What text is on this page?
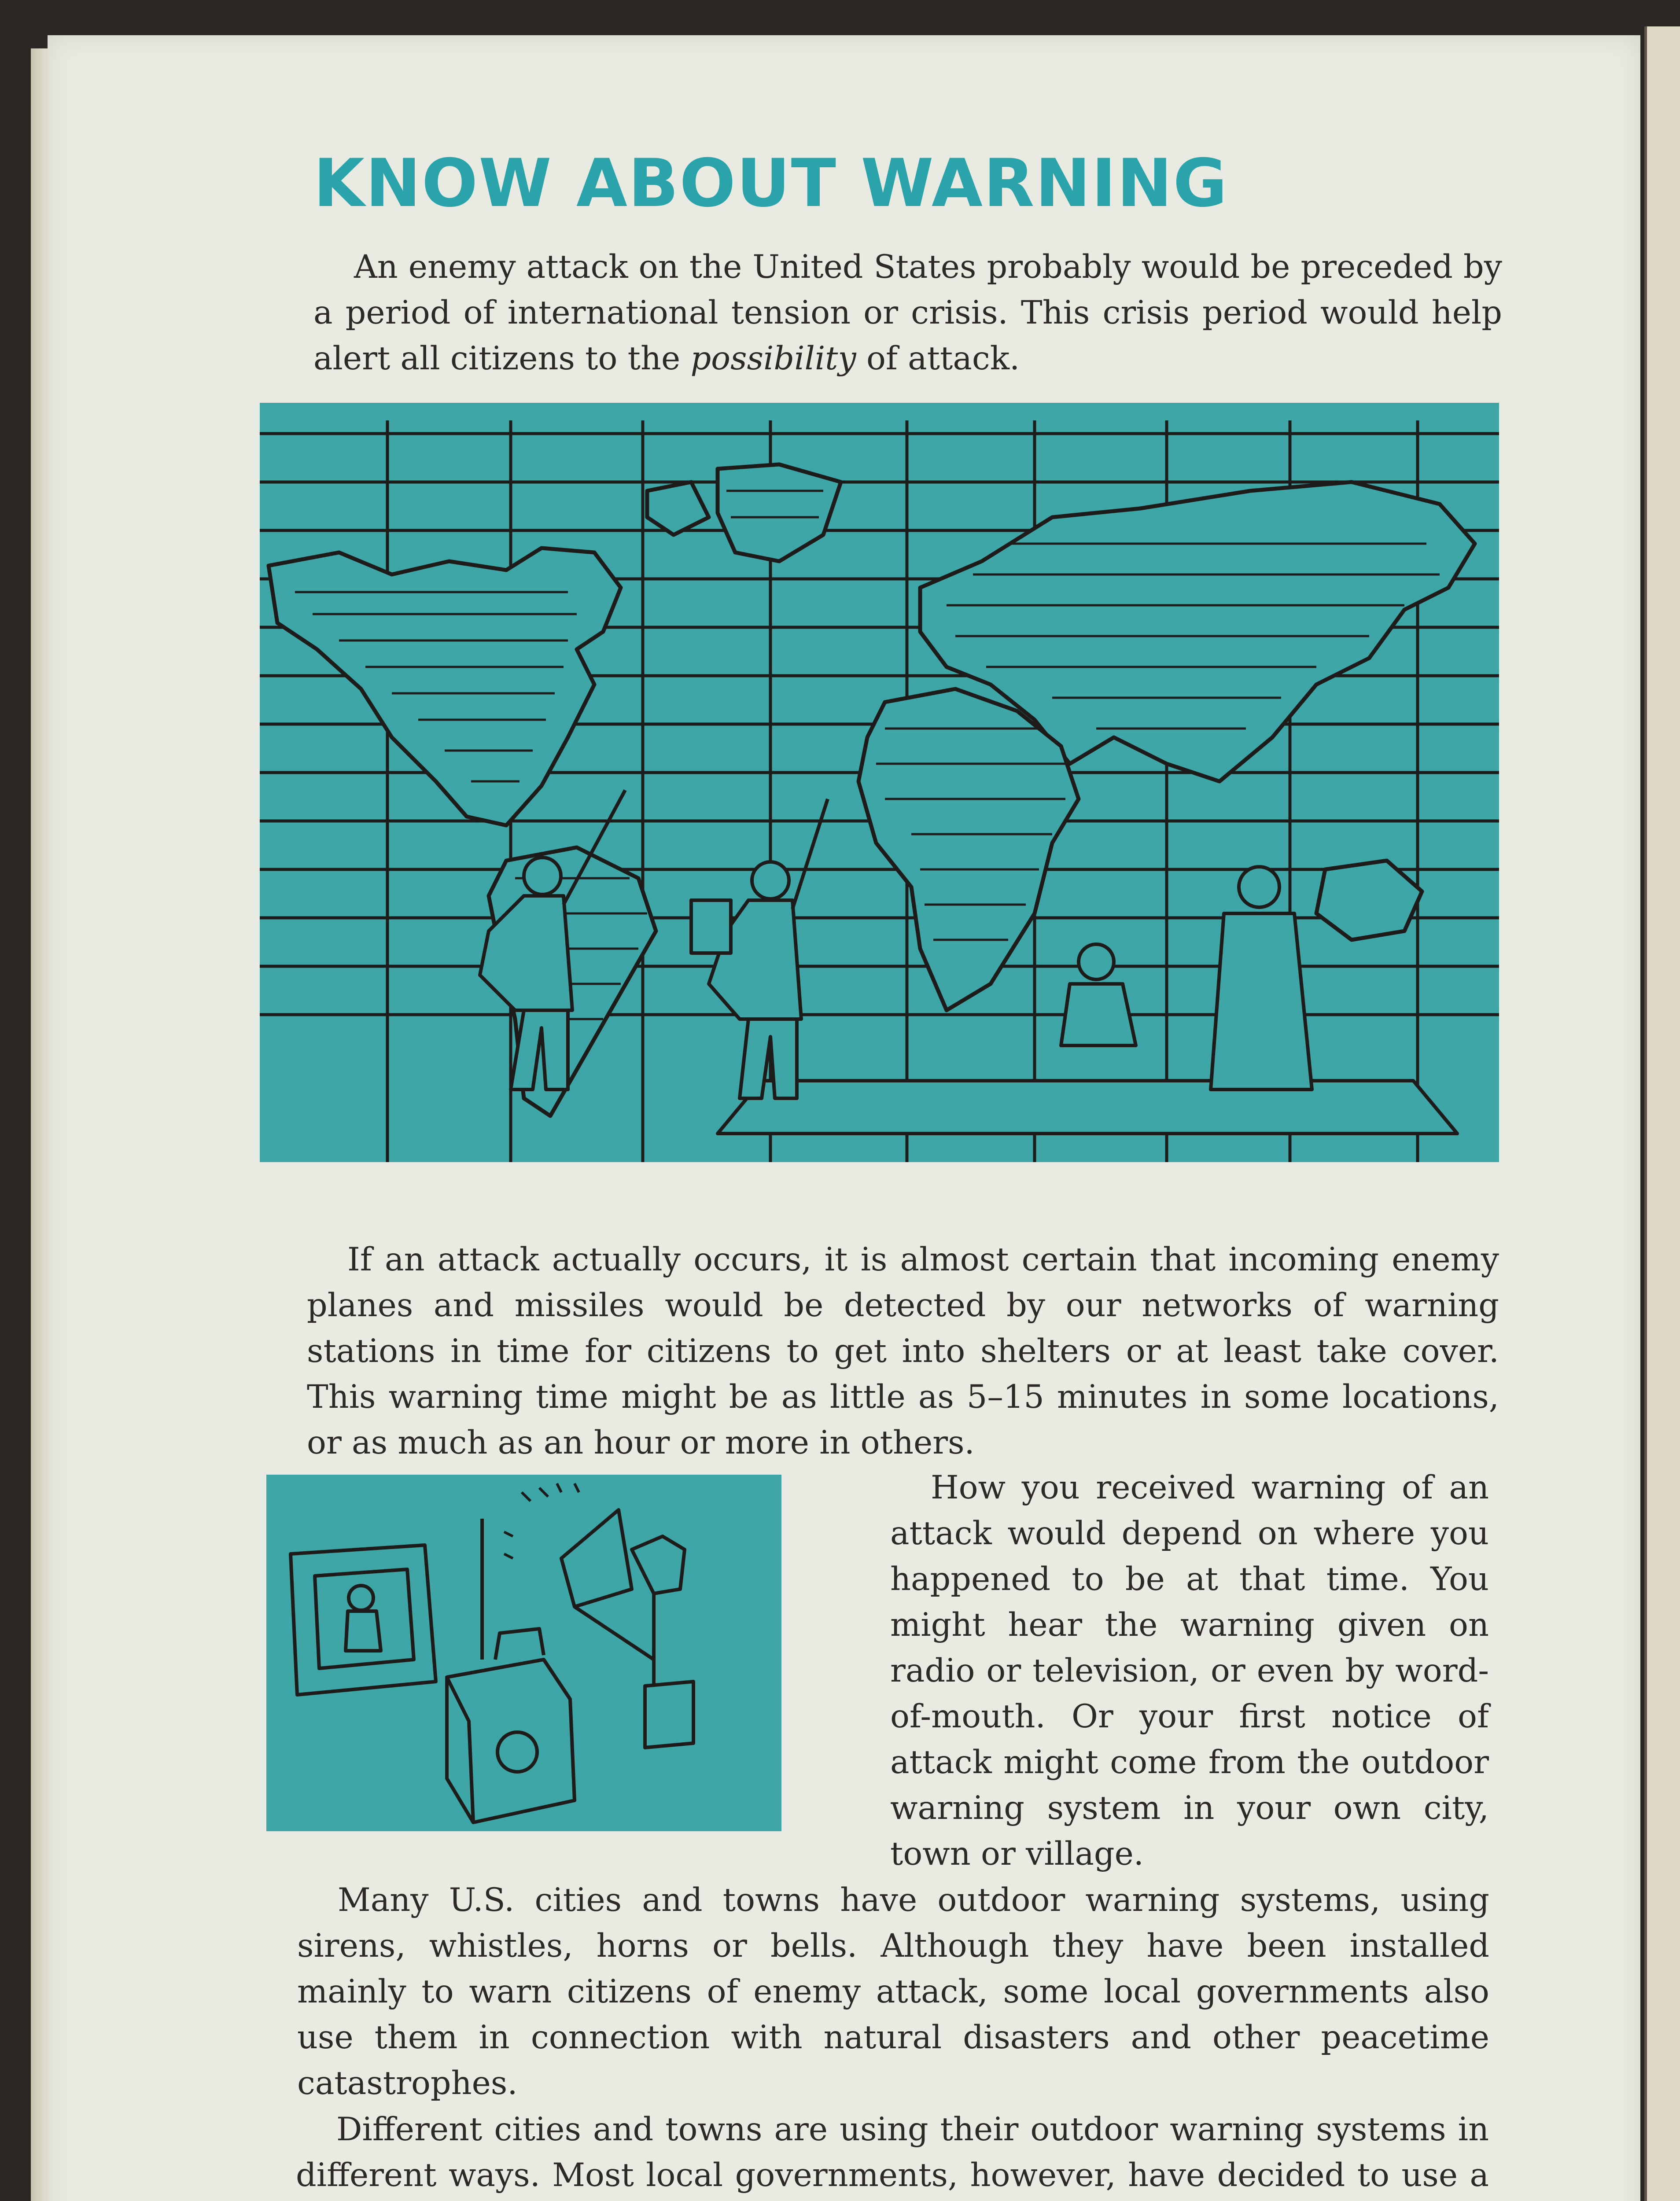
KNOW ABOUT WARNING

An enemy attack on the United States probably would be preceded by a period of international tension or crisis. This crisis period would help alert all citizens to the possibility of attack.

If an attack actually occurs, it is almost certain that incoming enemy planes and missiles would be detected by our networks of warning stations in time for citizens to get into shelters or at least take cover. This warning time might be as little as 5–15 minutes in some locations, or as much as an hour or more in others.

How you received warning of an attack would depend on where you happened to be at that time. You might hear the warning given on radio or television, or even by word-of-mouth. Or your first notice of attack might come from the outdoor warning system in your own city, town or village.

Many U.S. cities and towns have outdoor warning systems, using sirens, whistles, horns or bells. Although they have been installed mainly to warn citizens of enemy attack, some local governments also use them in connection with natural disasters and other peacetime catastrophes.

Different cities and towns are using their outdoor warning systems in different ways. Most local governments, however, have decided to use a
